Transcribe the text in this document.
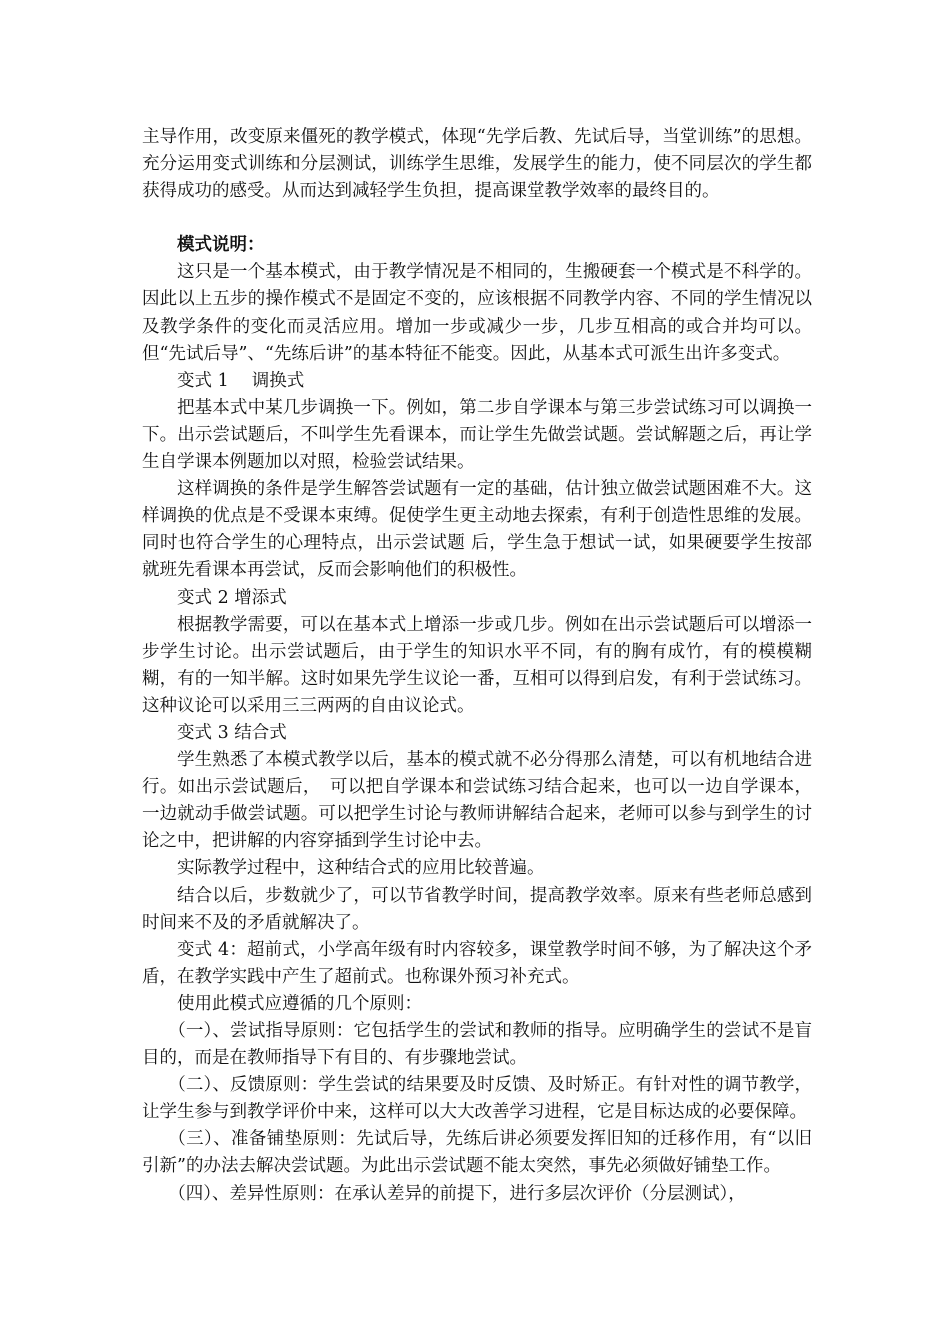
主导作用，改变原来僵死的教学模式，体现“先学后教、先试后导，当堂训练”的思想。充分运用变式训练和分层测试，训练学生思维，发展学生的能力，使不同层次的学生都获得成功的感受。从而达到减轻学生负担，提高课堂教学效率的最终目的。

模式说明：

这只是一个基本模式，由于教学情况是不相同的，生搬硬套一个模式是不科学的。因此以上五步的操作模式不是固定不变的，应该根据不同教学内容、不同的学生情况以及教学条件的变化而灵活应用。增加一步或减少一步，几步互相高的或合并均可以。但“先试后导”、“先练后讲”的基本特征不能变。因此，从基本式可派生出许多变式。

变式 1　 调换式

把基本式中某几步调换一下。例如，第二步自学课本与第三步尝试练习可以调换一下。出示尝试题后，不叫学生先看课本，而让学生先做尝试题。尝试解题之后，再让学生自学课本例题加以对照，检验尝试结果。

这样调换的条件是学生解答尝试题有一定的基础，估计独立做尝试题困难不大。这样调换的优点是不受课本束缚。促使学生更主动地去探索，有利于创造性思维的发展。同时也符合学生的心理特点，出示尝试题 后，学生急于想试一试，如果硬要学生按部就班先看课本再尝试，反而会影响他们的积极性。

变式 2 增添式

根据教学需要，可以在基本式上增添一步或几步。例如在出示尝试题后可以增添一步学生讨论。出示尝试题后，由于学生的知识水平不同，有的胸有成竹，有的模模糊糊，有的一知半解。这时如果先学生议论一番，互相可以得到启发，有利于尝试练习。这种议论可以采用三三两两的自由议论式。

变式 3 结合式

学生熟悉了本模式教学以后，基本的模式就不必分得那么清楚，可以有机地结合进行。如出示尝试题后，　可以把自学课本和尝试练习结合起来，也可以一边自学课本，一边就动手做尝试题。可以把学生讨论与教师讲解结合起来，老师可以参与到学生的讨论之中，把讲解的内容穿插到学生讨论中去。

实际教学过程中，这种结合式的应用比较普遍。

结合以后，步数就少了，可以节省教学时间，提高教学效率。原来有些老师总感到时间来不及的矛盾就解决了。

变式 4：超前式，小学高年级有时内容较多，课堂教学时间不够，为了解决这个矛盾，在教学实践中产生了超前式。也称课外预习补充式。

使用此模式应遵循的几个原则：

（一）、尝试指导原则：它包括学生的尝试和教师的指导。应明确学生的尝试不是盲目的，而是在教师指导下有目的、有步骤地尝试。

（二）、反馈原则：学生尝试的结果要及时反馈、及时矫正。有针对性的调节教学，让学生参与到教学评价中来，这样可以大大改善学习进程，它是目标达成的必要保障。

（三）、准备铺垫原则：先试后导，先练后讲必须要发挥旧知的迁移作用，有“以旧引新”的办法去解决尝试题。为此出示尝试题不能太突然，事先必须做好铺垫工作。

（四）、差异性原则：在承认差异的前提下，进行多层次评价（分层测试），
